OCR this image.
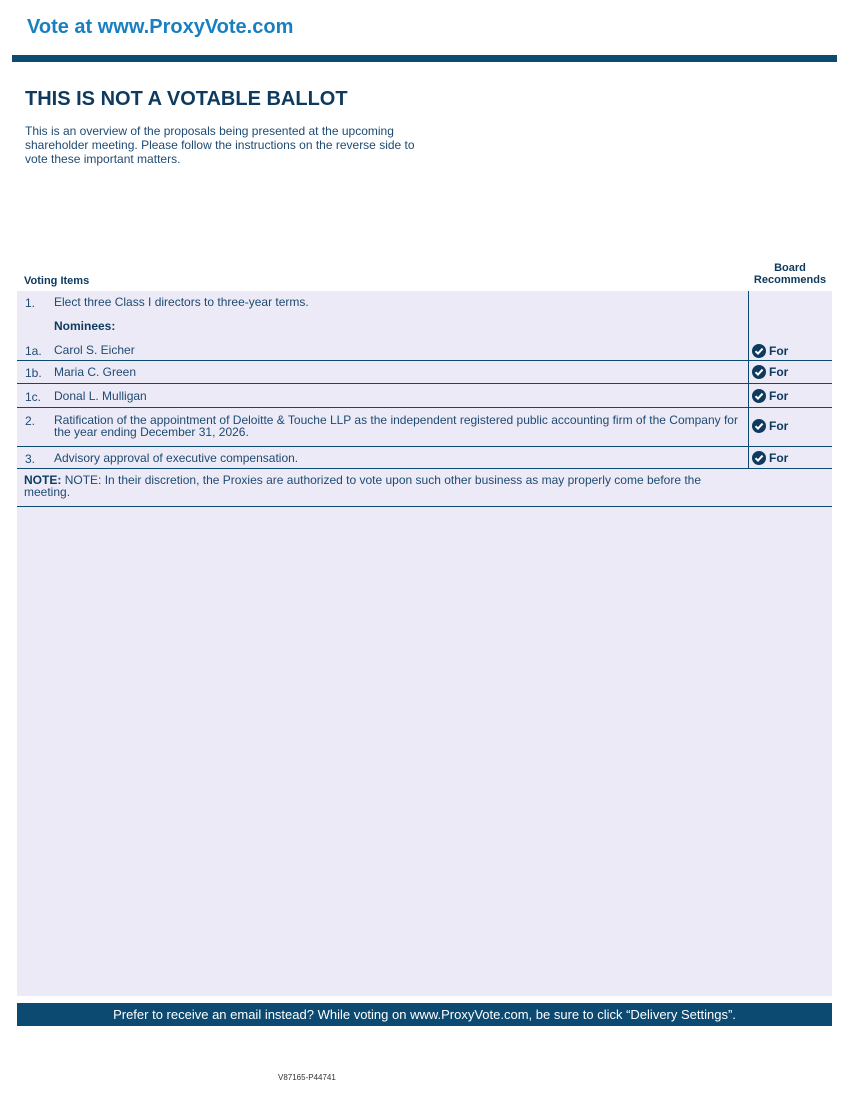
Vote at www.ProxyVote.com
THIS IS NOT A VOTABLE BALLOT
This is an overview of the proposals being presented at the upcoming shareholder meeting. Please follow the instructions on the reverse side to vote these important matters.
Voting Items
Board
Recommends
1. Elect three Class I directors to three-year terms.
Nominees:
1a. Carol S. Eicher	For
1b. Maria C. Green	For
1c. Donal L. Mulligan	For
2. Ratification of the appointment of Deloitte & Touche LLP as the independent registered public accounting firm of the Company for the year ending December 31, 2026.	For
3. Advisory approval of executive compensation.	For
NOTE: NOTE: In their discretion, the Proxies are authorized to vote upon such other business as may properly come before the meeting.
Prefer to receive an email instead? While voting on www.ProxyVote.com, be sure to click “Delivery Settings”.
V87165-P44741
